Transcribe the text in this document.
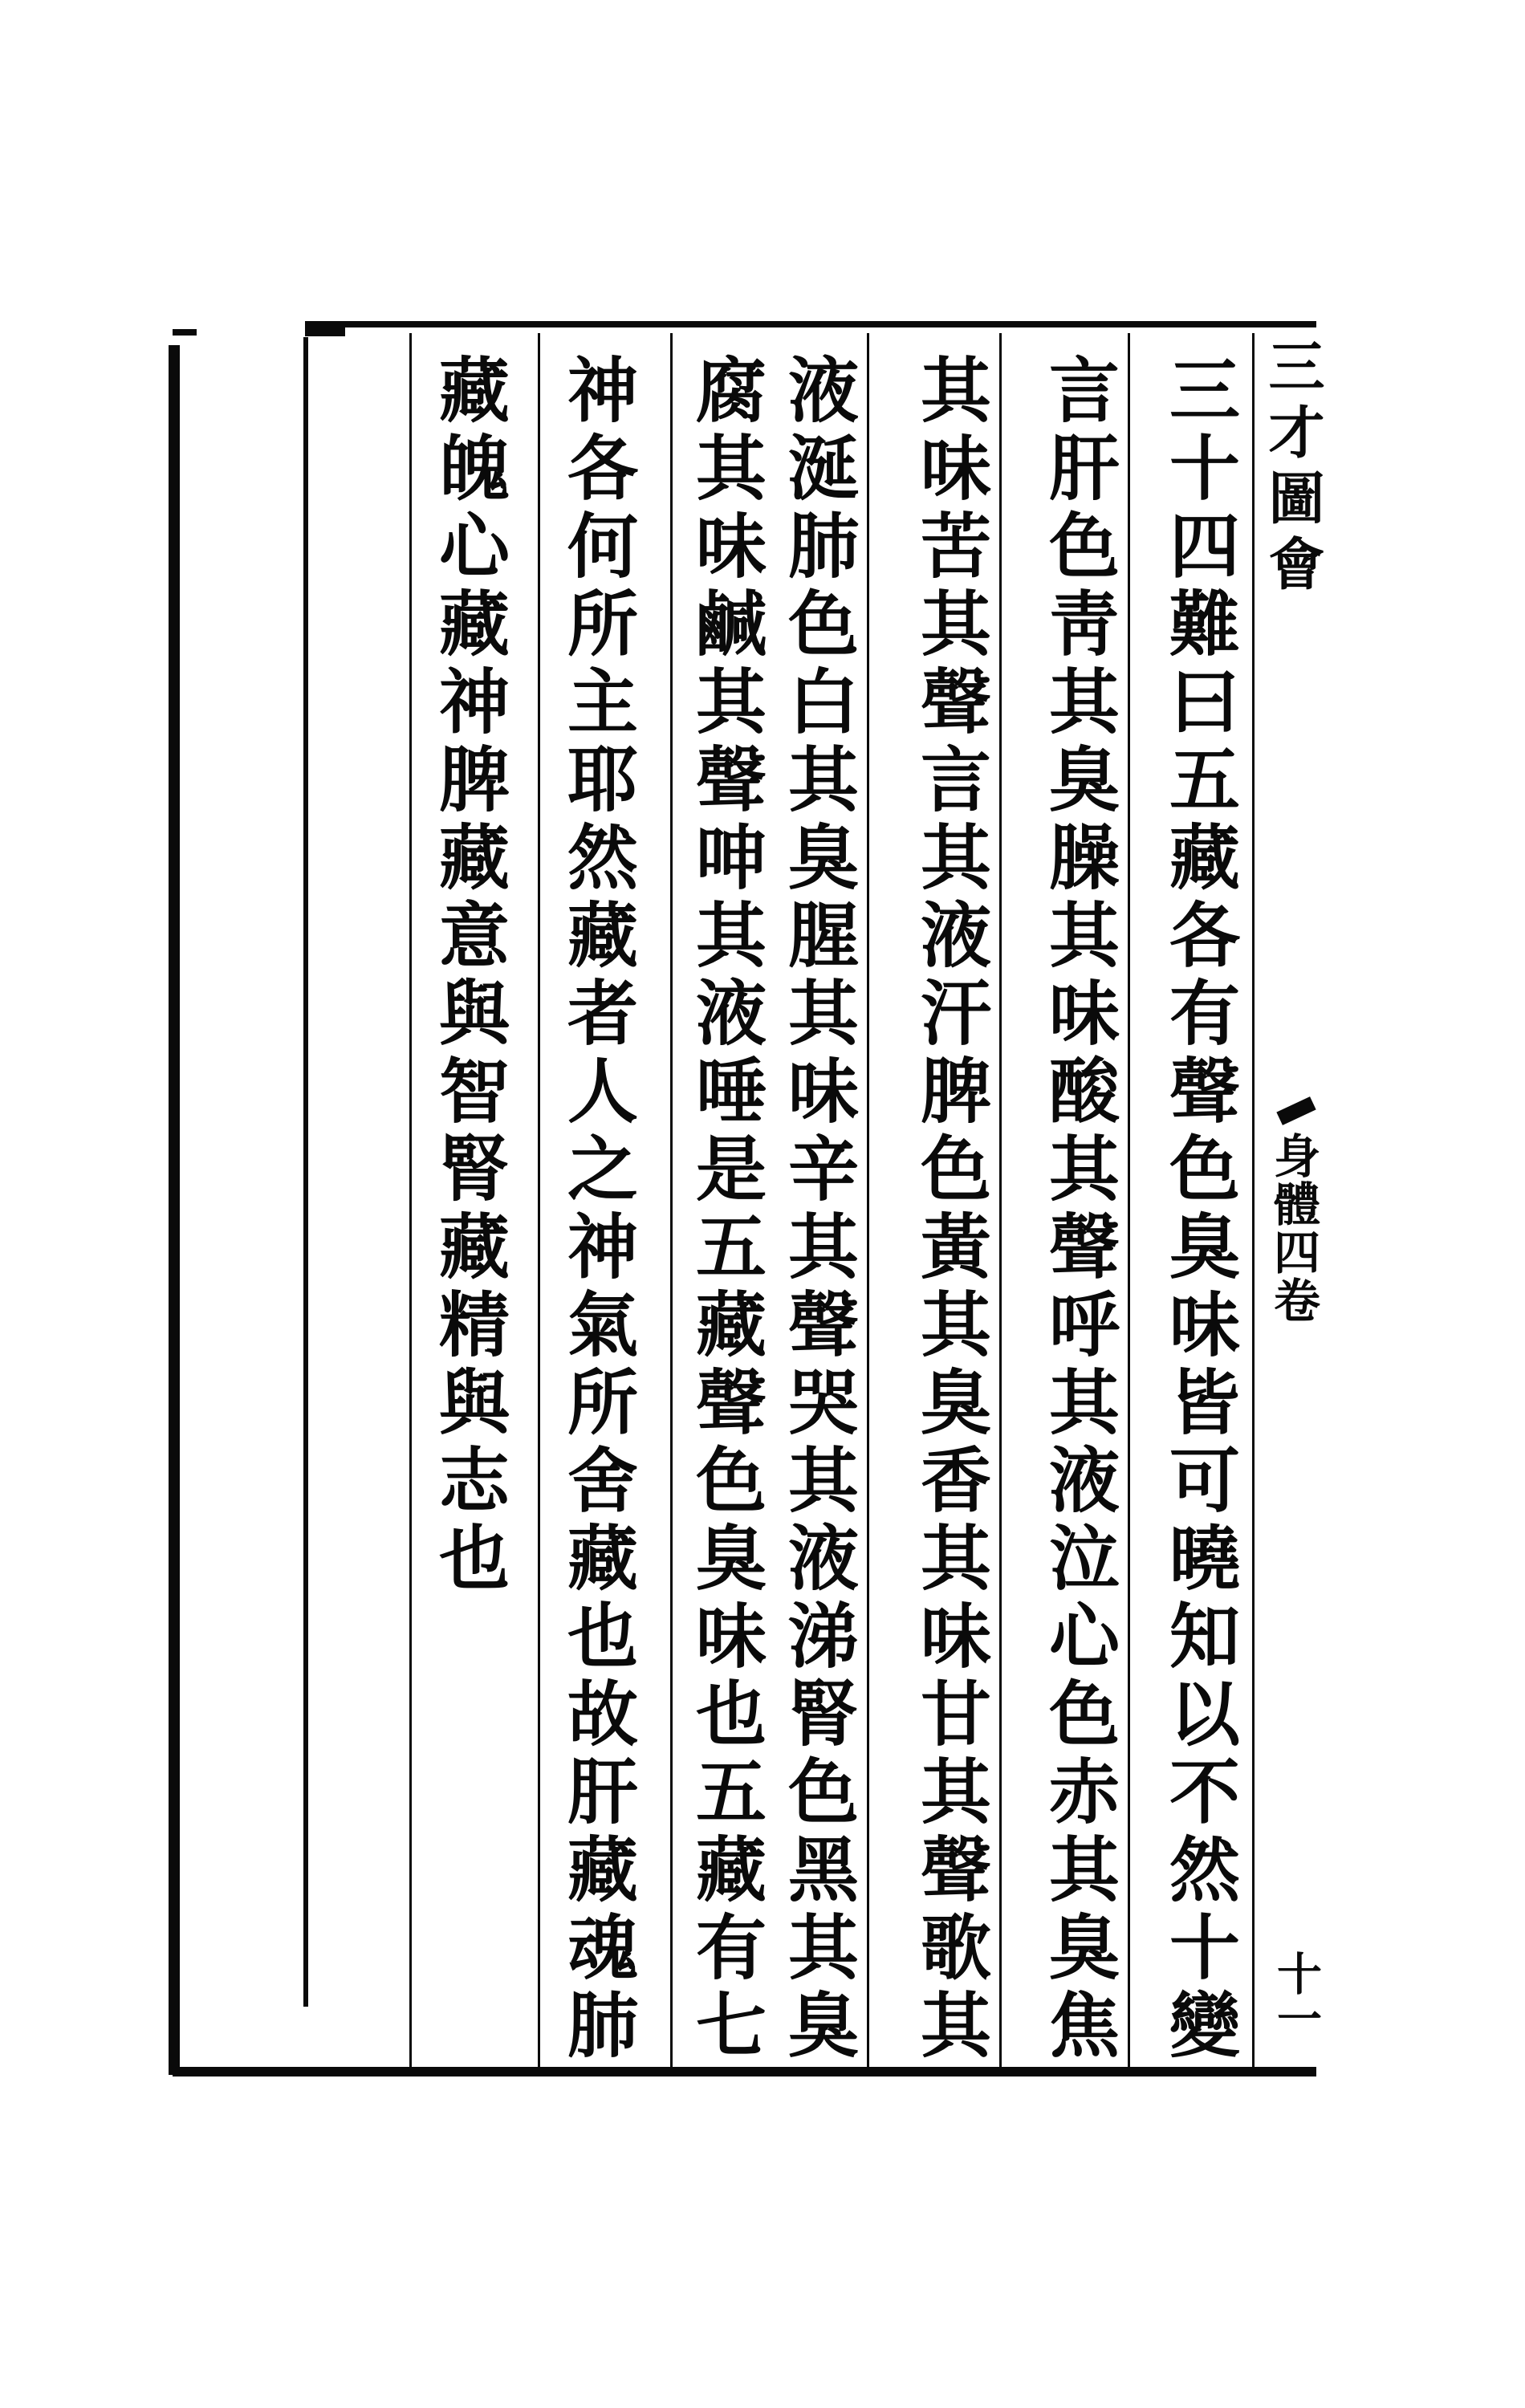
三才圖會
身體四卷
十一
三十四難曰五藏各有聲色臭味皆可曉知以不然十變
言肝色靑其臭臊其味酸其聲呼其液泣心色赤其臭焦
其味苦其聲言其液汗脾色黃其臭香其味甘其聲歌其
液涎肺色白其臭腥其味辛其聲哭其液涕腎色黑其臭
腐其味鹹其聲呻其液唾是五藏聲色臭味也五藏有七
神各何所主耶然藏者人之神氣所舍藏也故肝藏魂肺
藏魄心藏神脾藏意與智腎藏精與志也
